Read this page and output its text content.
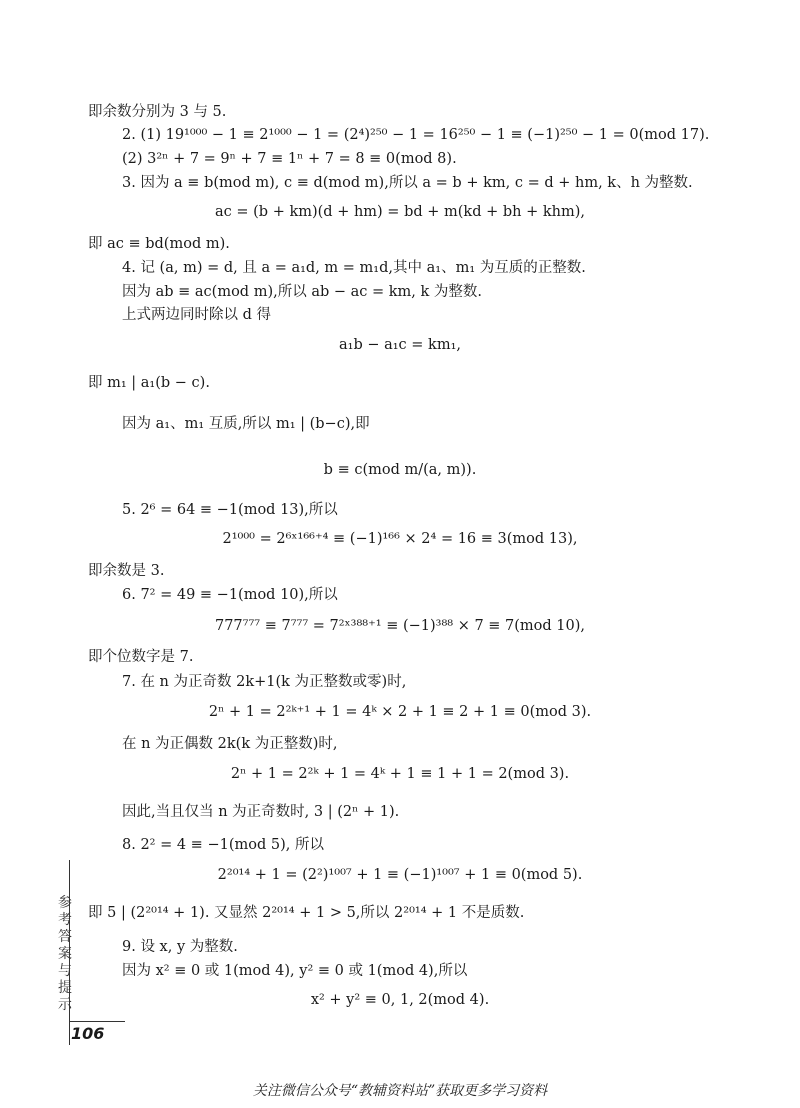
即余数分别为 3 与 5.
2. (1) 19¹⁰⁰⁰ − 1 ≡ 2¹⁰⁰⁰ − 1 = (2⁴)²⁵⁰ − 1 = 16²⁵⁰ − 1 ≡ (−1)²⁵⁰ − 1 = 0(mod 17).
(2) 3²ⁿ + 7 = 9ⁿ + 7 ≡ 1ⁿ + 7 = 8 ≡ 0(mod 8).
3. 因为 a ≡ b(mod m), c ≡ d(mod m),所以 a = b + km, c = d + hm, k、h 为整数.
ac = (b + km)(d + hm) = bd + m(kd + bh + khm),
即 ac ≡ bd(mod m).
4. 记 (a, m) = d, 且 a = a₁d, m = m₁d,其中 a₁、m₁ 为互质的正整数.
因为 ab ≡ ac(mod m),所以 ab − ac = km, k 为整数.
上式两边同时除以 d 得
a₁b − a₁c = km₁,
即 m₁ | a₁(b − c).
因为 a₁、m₁ 互质,所以 m₁ | (b−c),即
b ≡ c(mod m/(a, m)).
5. 2⁶ = 64 ≡ −1(mod 13),所以
2¹⁰⁰⁰ = 2⁶ˣ¹⁶⁶⁺⁴ ≡ (−1)¹⁶⁶ × 2⁴ = 16 ≡ 3(mod 13),
即余数是 3.
6. 7² = 49 ≡ −1(mod 10),所以
777⁷⁷⁷ ≡ 7⁷⁷⁷ = 7²ˣ³⁸⁸⁺¹ ≡ (−1)³⁸⁸ × 7 ≡ 7(mod 10),
即个位数字是 7.
7. 在 n 为正奇数 2k+1(k 为正整数或零)时,
2ⁿ + 1 = 2²ᵏ⁺¹ + 1 = 4ᵏ × 2 + 1 ≡ 2 + 1 ≡ 0(mod 3).
在 n 为正偶数 2k(k 为正整数)时,
2ⁿ + 1 = 2²ᵏ + 1 = 4ᵏ + 1 ≡ 1 + 1 = 2(mod 3).
因此,当且仅当 n 为正奇数时, 3 | (2ⁿ + 1).
8. 2² = 4 ≡ −1(mod 5), 所以
2²⁰¹⁴ + 1 = (2²)¹⁰⁰⁷ + 1 ≡ (−1)¹⁰⁰⁷ + 1 ≡ 0(mod 5).
即 5 | (2²⁰¹⁴ + 1). 又显然 2²⁰¹⁴ + 1 > 5,所以 2²⁰¹⁴ + 1 不是质数.
9. 设 x, y 为整数.
因为 x² ≡ 0 或 1(mod 4), y² ≡ 0 或 1(mod 4),所以
x² + y² ≡ 0, 1, 2(mod 4).
参考答案与提示
106
关注微信公众号“教辅资料站”获取更多学习资料
